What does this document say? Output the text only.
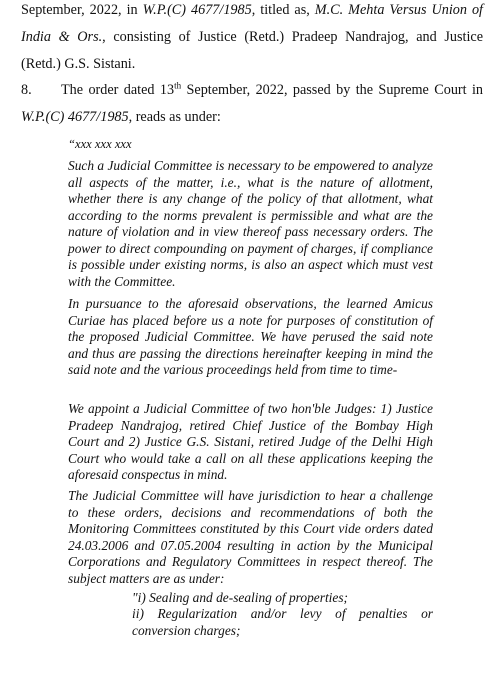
September, 2022, in W.P.(C) 4677/1985, titled as, M.C. Mehta Versus Union of India & Ors., consisting of Justice (Retd.) Pradeep Nandrajog, and Justice (Retd.) G.S. Sistani.

8. The order dated 13th September, 2022, passed by the Supreme Court in W.P.(C) 4677/1985, reads as under:

“xxx xxx xxx

Such a Judicial Committee is necessary to be empowered to analyze all aspects of the matter, i.e., what is the nature of allotment, whether there is any change of the policy of that allotment, what according to the norms prevalent is permissible and what are the nature of violation and in view thereof pass necessary orders. The power to direct compounding on payment of charges, if compliance is possible under existing norms, is also an aspect which must vest with the Committee.

In pursuance to the aforesaid observations, the learned Amicus Curiae has placed before us a note for purposes of constitution of the proposed Judicial Committee. We have perused the said note and thus are passing the directions hereinafter keeping in mind the said note and the various proceedings held from time to time-

We appoint a Judicial Committee of two hon'ble Judges: 1) Justice Pradeep Nandrajog, retired Chief Justice of the Bombay High Court and 2) Justice G.S. Sistani, retired Judge of the Delhi High Court who would take a call on all these applications keeping the aforesaid conspectus in mind.

The Judicial Committee will have jurisdiction to hear a challenge to these orders, decisions and recommendations of both the Monitoring Committees constituted by this Court vide orders dated 24.03.2006 and 07.05.2004 resulting in action by the Municipal Corporations and Regulatory Committees in respect thereof. The subject matters are as under:

"i) Sealing and de-sealing of properties;
ii) Regularization and/or levy of penalties or conversion charges;
